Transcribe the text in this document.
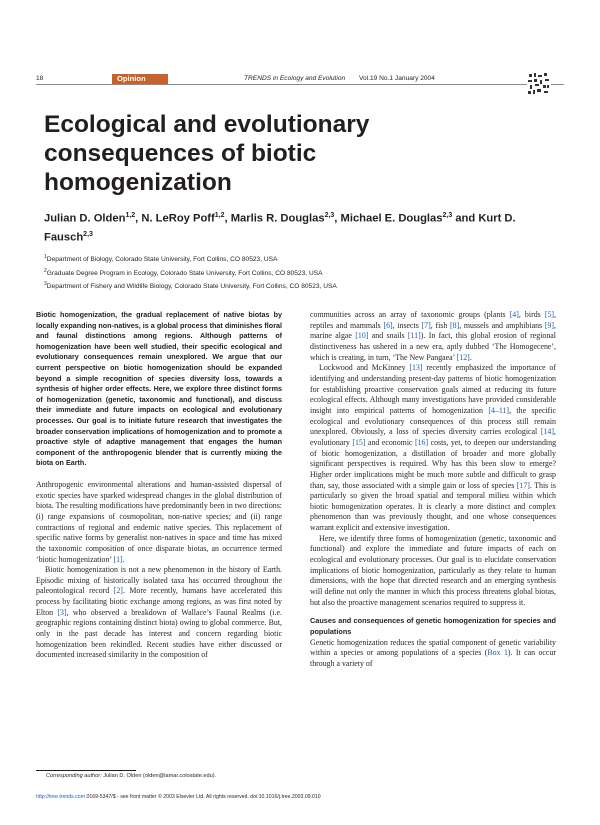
18	Opinion	TRENDS in Ecology and Evolution Vol.19 No.1 January 2004
Ecological and evolutionary consequences of biotic homogenization
Julian D. Olden$^{1,2}$, N. LeRoy Poff$^{1,2}$, Marlis R. Douglas$^{2,3}$, Michael E. Douglas$^{2,3}$ and Kurt D. Fausch$^{2,3}$
$^1$Department of Biology, Colorado State University, Fort Collins, CO 80523, USA
$^2$Graduate Degree Program in Ecology, Colorado State University, Fort Collins, CO 80523, USA
$^3$Department of Fishery and Wildlife Biology, Colorado State University, Fort Collins, CO 80523, USA

Biotic homogenization, the gradual replacement of native biotas by locally expanding non-natives, is a global process that diminishes floral and faunal distinctions among regions. Although patterns of homogenization have been well studied, their specific ecological and evolutionary consequences remain unexplored. We argue that our current perspective on biotic homogenization should be expanded beyond a simple recognition of species diversity loss, towards a synthesis of higher order effects. Here, we explore three distinct forms of homogenization (genetic, taxonomic and functional), and discuss their immediate and future impacts on ecological and evolutionary processes. Our goal is to initiate future research that investigates the broader conservation implications of homogenization and to promote a proactive style of adaptive management that engages the human component of the anthropogenic blender that is currently mixing the biota on Earth.

Anthropogenic environmental alterations and human-assisted dispersal of exotic species have sparked widespread changes in the global distribution of biota. The resulting modifications have predominantly been in two directions: (i) range expansions of cosmopolitan, non-native species; and (ii) range contractions of regional and endemic native species. This replacement of specific native forms by generalist non-natives in space and time has mixed the taxonomic composition of once disparate biotas, an occurrence termed ‘biotic homogenization’ [1].

Biotic homogenization is not a new phenomenon in the history of Earth. Episodic mixing of historically isolated taxa has occurred throughout the paleontological record [2]. More recently, humans have accelerated this process by facilitating biotic exchange among regions, as was first noted by Elton [3], who observed a breakdown of Wallace’s Faunal Realms (i.e. geographic regions containing distinct biota) owing to global commerce. But, only in the past decade has interest and concern regarding biotic homogenization been rekindled. Recent studies have either discussed or documented increased similarity in the composition of

communities across an array of taxonomic groups (plants [4], birds [5], reptiles and mammals [6], insects [7], fish [8], mussels and amphibians [9], marine algae [10] and snails [11]). In fact, this global erosion of regional distinctiveness has ushered in a new era, aptly dubbed ‘The Homogecene’, which is creating, in turn, ‘The New Pangaea’ [12].

Lockwood and McKinney [13] recently emphasized the importance of identifying and understanding present-day patterns of biotic homogenization for establishing proactive conservation goals aimed at reducing its future ecological effects. Although many investigations have provided considerable insight into empirical patterns of homogenization [4–11], the specific ecological and evolutionary consequences of this process still remain unexplored. Obviously, a loss of species diversity carries ecological [14], evolutionary [15] and economic [16] costs, yet, to deepen our understanding of biotic homogenization, a distillation of broader and more globally significant perspectives is required. Why has this been slow to emerge? Higher order implications might be much more subtle and difficult to grasp than, say, those associated with a simple gain or loss of species [17]. This is particularly so given the broad spatial and temporal milieu within which biotic homogenization operates. It is clearly a more distinct and complex phenomenon than was previously thought, and one whose consequences warrant explicit and extensive investigation.

Here, we identify three forms of homogenization (genetic, taxonomic and functional) and explore the immediate and future impacts of each on ecological and evolutionary processes. Our goal is to elucidate conservation implications of biotic homogenization, particularly as they relate to human dimensions, with the hope that directed research and an emerging synthesis will define not only the manner in which this process threatens global biotas, but also the proactive management scenarios required to suppress it.

Causes and consequences of genetic homogenization for species and populations

Genetic homogenization reduces the spatial component of genetic variability within a species or among populations of a species (Box 1). It can occur through a variety of

Corresponding author: Julian D. Olden (olden@lamar.colostate.edu).
http://tree.trends.com 0169-5347/$ - see front matter © 2003 Elsevier Ltd. All rights reserved. doi:10.1016/j.tree.2003.09.010
